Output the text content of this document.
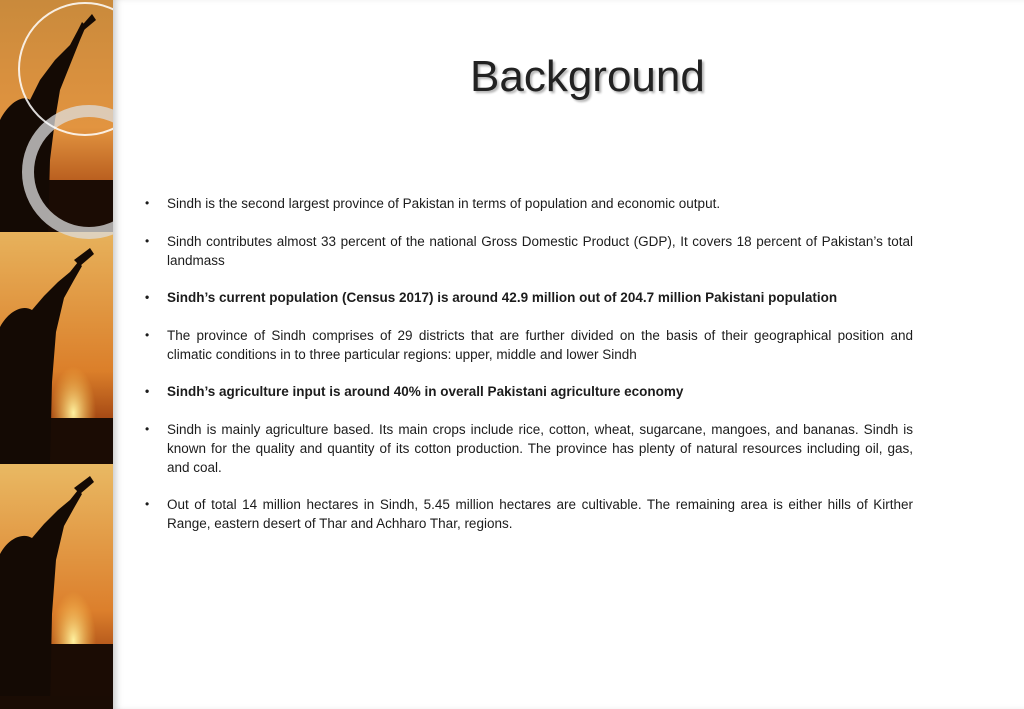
Background
• Sindh is the second largest province of Pakistan in terms of population and economic output.
• Sindh contributes almost 33 percent of the national Gross Domestic Product (GDP), It covers 18 percent of Pakistan’s total landmass
• Sindh’s current population (Census 2017) is around 42.9 million out of 204.7 million Pakistani population
• The province of Sindh comprises of 29 districts that are further divided on the basis of their geographical position and climatic conditions in to three particular regions: upper, middle and lower Sindh
• Sindh’s agriculture input is around 40% in overall Pakistani agriculture economy
• Sindh is mainly agriculture based. Its main crops include rice, cotton, wheat, sugarcane, mangoes, and bananas. Sindh is known for the quality and quantity of its cotton production. The province has plenty of natural resources including oil, gas, and coal.
• Out of total 14 million hectares in Sindh, 5.45 million hectares are cultivable. The remaining area is either hills of Kirther Range, eastern desert of Thar and Achharo Thar, regions.
